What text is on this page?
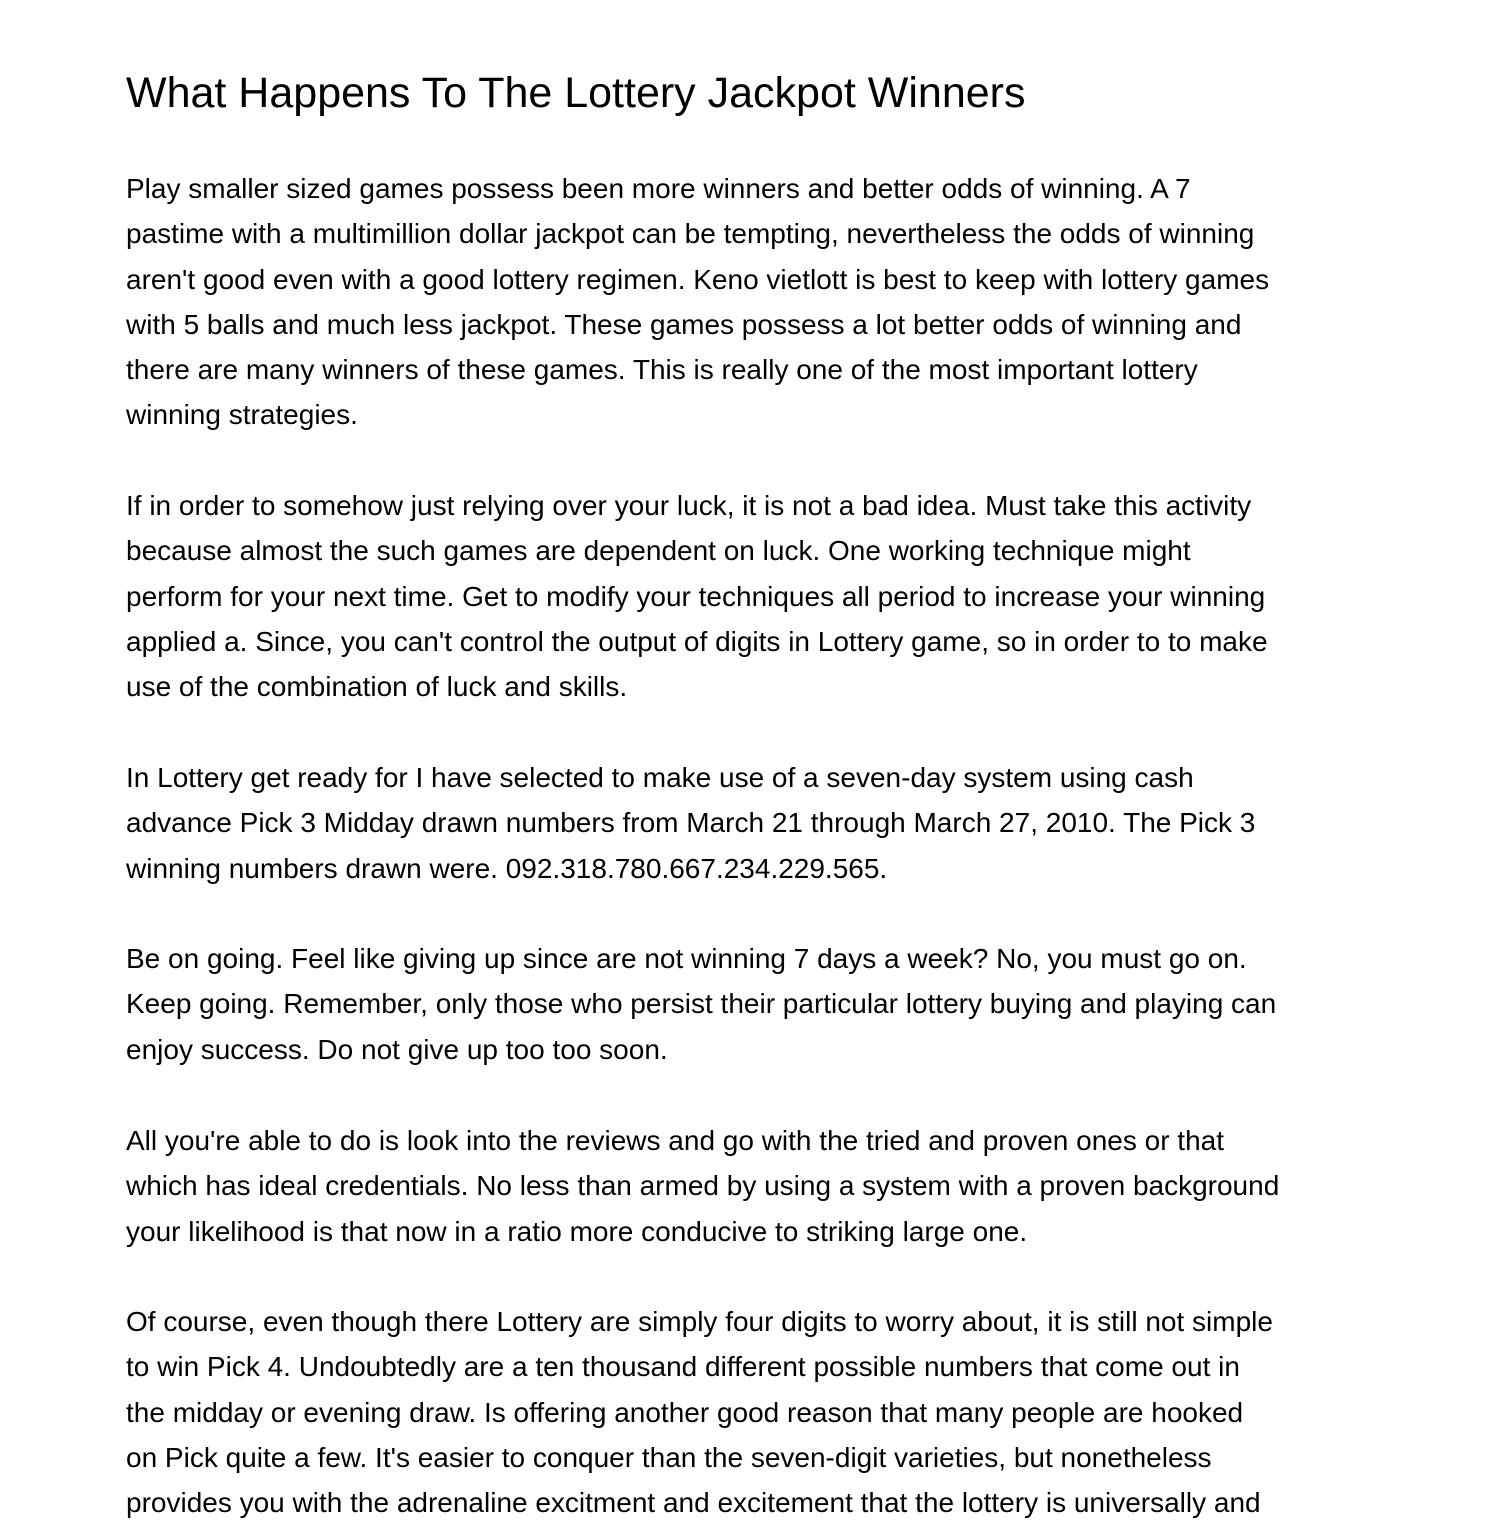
What Happens To The Lottery Jackpot Winners

Play smaller sized games possess been more winners and better odds of winning. A 7
pastime with a multimillion dollar jackpot can be tempting, nevertheless the odds of winning
aren't good even with a good lottery regimen. Keno vietlott is best to keep with lottery games
with 5 balls and much less jackpot. These games possess a lot better odds of winning and
there are many winners of these games. This is really one of the most important lottery
winning strategies.

If in order to somehow just relying over your luck, it is not a bad idea. Must take this activity
because almost the such games are dependent on luck. One working technique might
perform for your next time. Get to modify your techniques all period to increase your winning
applied a. Since, you can't control the output of digits in Lottery game, so in order to to make
use of the combination of luck and skills.

In Lottery get ready for I have selected to make use of a seven-day system using cash
advance Pick 3 Midday drawn numbers from March 21 through March 27, 2010. The Pick 3
winning numbers drawn were. 092.318.780.667.234.229.565.

Be on going. Feel like giving up since are not winning 7 days a week? No, you must go on.
Keep going. Remember, only those who persist their particular lottery buying and playing can
enjoy success. Do not give up too too soon.

All you're able to do is look into the reviews and go with the tried and proven ones or that
which has ideal credentials. No less than armed by using a system with a proven background
your likelihood is that now in a ratio more conducive to striking large one.

Of course, even though there Lottery are simply four digits to worry about, it is still not simple
to win Pick 4. Undoubtedly are a ten thousand different possible numbers that come out in
the midday or evening draw. Is offering another good reason that many people are hooked
on Pick quite a few. It's easier to conquer than the seven-digit varieties, but nonetheless
provides you with the adrenaline excitment and excitement that the lottery is universally and
